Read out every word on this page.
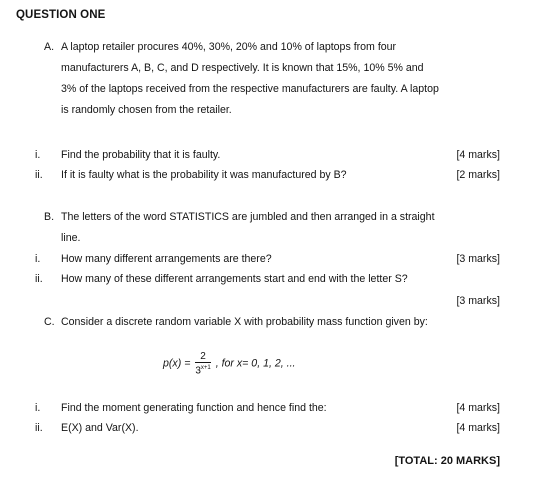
QUESTION ONE
A. A laptop retailer procures 40%, 30%, 20% and 10% of laptops from four
manufacturers A, B, C, and D respectively. It is known that 15%, 10% 5% and
3% of the laptops received from the respective manufacturers are faulty. A laptop
is randomly chosen from the retailer.
i. Find the probability that it is faulty.	[4 marks]
ii. If it is faulty what is the probability it was manufactured by B?	[2 marks]
B. The letters of the word STATISTICS are jumbled and then arranged in a straight
line.
i. How many different arrangements are there?	[3 marks]
ii. How many of these different arrangements start and end with the letter S?
[3 marks]
C. Consider a discrete random variable X with probability mass function given by:
$p(x) = \frac{2}{3^{x+1}}$ , for x= 0, 1, 2, ...
i. Find the moment generating function and hence find the:	[4 marks]
ii. E(X) and Var(X).	[4 marks]
[TOTAL: 20 MARKS]
